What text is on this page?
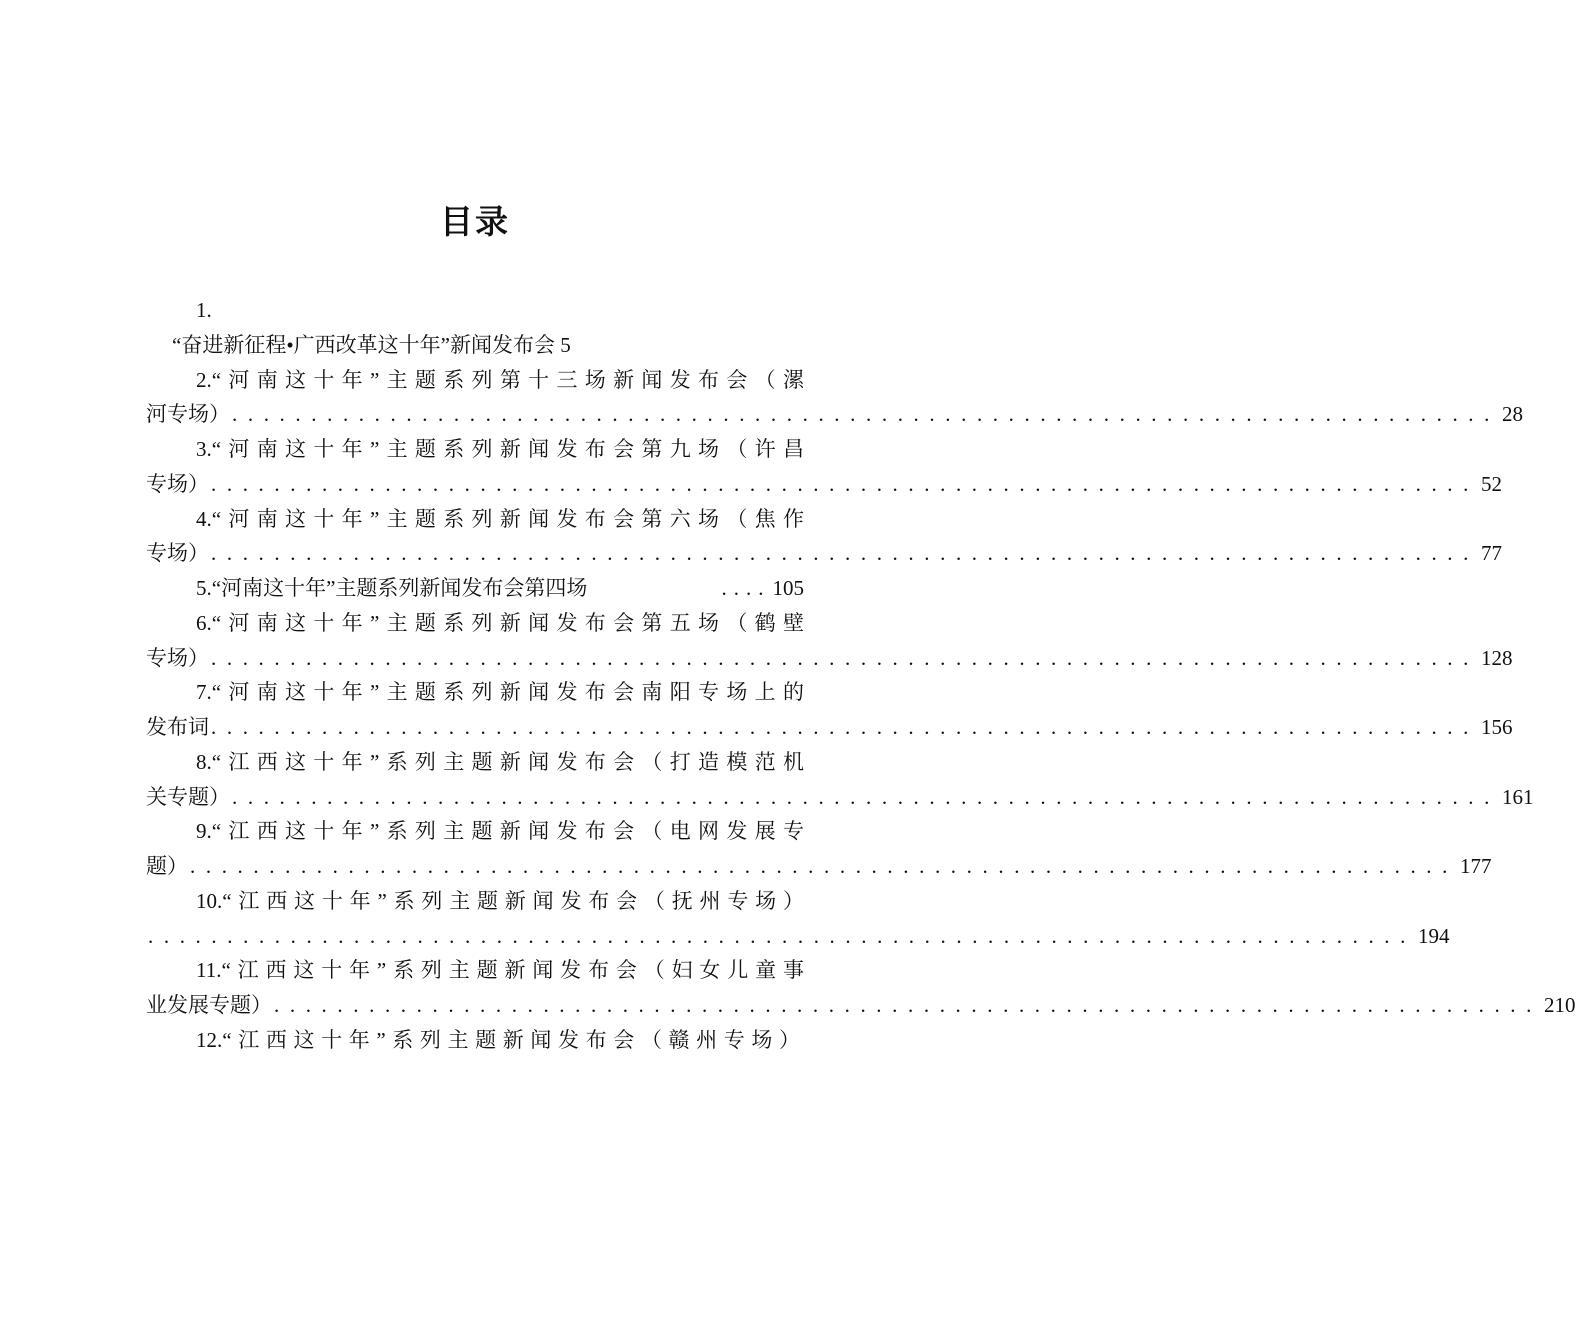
目录
1.
“奋进新征程•广西改革这十年”新闻发布会 5
2.“河南这十年”主题系列第十三场新闻发布会（漯
河专场） ................................................................................ 28
3.“河南这十年”主题系列新闻发布会第九场（许昌
专场） ................................................................................ 52
4.“河南这十年”主题系列新闻发布会第六场（焦作
专场） ................................................................................ 77
5.“河南这十年”主题系列新闻发布会第四场	.... 105
6.“河南这十年”主题系列新闻发布会第五场（鹤壁
专场） ................................................................................ 128
7.“河南这十年”主题系列新闻发布会南阳专场上的
发布词 ................................................................................ 156
8.“江西这十年”系列主题新闻发布会（打造模范机
关专题） ................................................................................ 161
9.“江西这十年”系列主题新闻发布会（电网发展专
题） ................................................................................ 177
10.“江西这十年”系列主题新闻发布会（抚州专场）
................................................................................ 194
11.“江西这十年”系列主题新闻发布会（妇女儿童事
业发展专题） ................................................................................ 210
12.“江西这十年”系列主题新闻发布会（赣州专场）
